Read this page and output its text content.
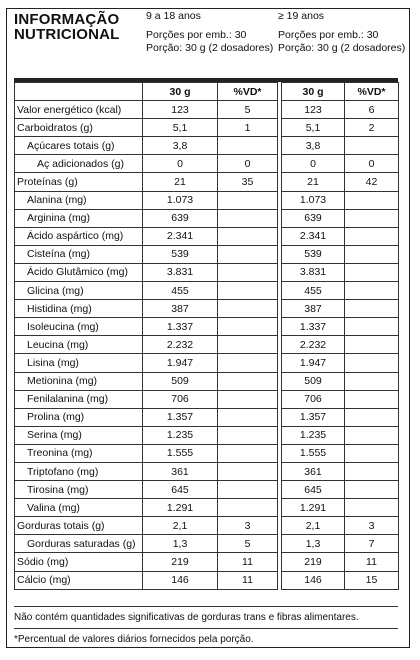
INFORMAÇÃO
NUTRICIONAL
9 a 18 anos
Porções por emb.: 30
Porção: 30 g (2 dosadores)
≥ 19 anos
Porções por emb.: 30
Porção: 30 g (2 dosadores)
	30 g	%VD*		30 g	%VD*
Valor energético (kcal)	123	5		123	6
Carboidratos (g)	5,1	1		5,1	2
Açúcares totais (g)	3,8			3,8	
Aç adicionados (g)	0	0		0	0
Proteínas (g)	21	35		21	42
Alanina (mg)	1.073			1.073	
Arginina (mg)	639			639	
Ácido aspártico (mg)	2.341			2.341	
Cisteína (mg)	539			539	
Ácido Glutâmico (mg)	3.831			3.831	
Glicina (mg)	455			455	
Histidina (mg)	387			387	
Isoleucina (mg)	1.337			1.337	
Leucina (mg)	2.232			2.232	
Lisina (mg)	1.947			1.947	
Metionina (mg)	509			509	
Fenilalanina (mg)	706			706	
Prolina (mg)	1.357			1.357	
Serina (mg)	1.235			1.235	
Treonina (mg)	1.555			1.555	
Triptofano (mg)	361			361	
Tirosina (mg)	645			645	
Valina (mg)	1.291			1.291	
Gorduras totais (g)	2,1	3		2,1	3
Gorduras saturadas (g)	1,3	5		1,3	7
Sódio (mg)	219	11		219	11
Cálcio (mg)	146	11		146	15
Não contém quantidades significativas de gorduras trans e fibras alimentares.
*Percentual de valores diários fornecidos pela porção.
